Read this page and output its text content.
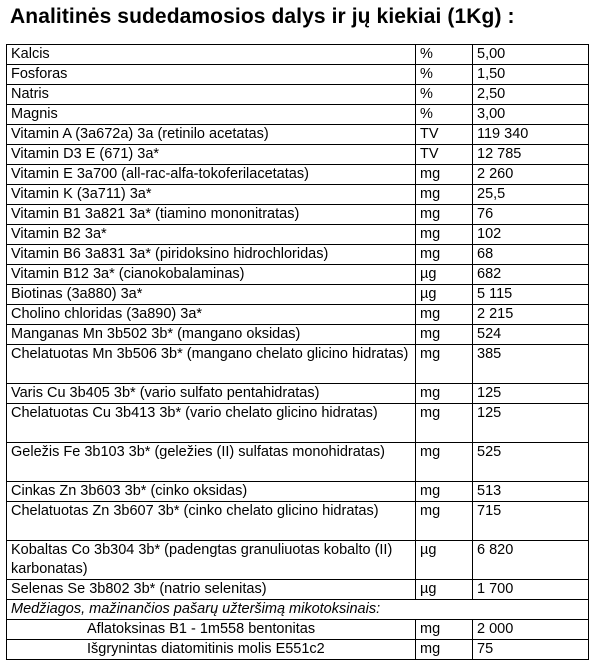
Analitinės sudedamosios dalys ir jų kiekiai (1Kg) :
Kalcis	%	5,00
Fosforas	%	1,50
Natris	%	2,50
Magnis	%	3,00
Vitamin A (3a672a) 3a (retinilo acetatas)	TV	119 340
Vitamin D3 E (671) 3a*	TV	12 785
Vitamin E 3a700 (all-rac-alfa-tokoferilacetatas)	mg	2 260
Vitamin K (3a711) 3a*	mg	25,5
Vitamin B1 3a821 3a* (tiamino mononitratas)	mg	76
Vitamin B2 3a*	mg	102
Vitamin B6 3a831 3a* (piridoksino hidrochloridas)	mg	68
Vitamin B12 3a* (cianokobalaminas)	µg	682
Biotinas (3a880) 3a*	µg	5 115
Cholino chloridas (3a890) 3a*	mg	2 215
Manganas Mn 3b502 3b* (mangano oksidas)	mg	524
Chelatuotas Mn 3b506 3b* (mangano chelato glicino hidratas)	mg	385
Varis Cu 3b405 3b* (vario sulfato pentahidratas)	mg	125
Chelatuotas Cu 3b413 3b* (vario chelato glicino hidratas)	mg	125
Geležis Fe 3b103 3b* (geležies (II) sulfatas monohidratas)	mg	525
Cinkas Zn 3b603 3b* (cinko oksidas)	mg	513
Chelatuotas Zn 3b607 3b* (cinko chelato glicino hidratas)	mg	715
Kobaltas Co 3b304 3b* (padengtas granuliuotas kobalto (II) karbonatas)	µg	6 820
Selenas Se 3b802 3b* (natrio selenitas)	µg	1 700
Medžiagos, mažinančios pašarų užteršimą mikotoksinais:		
Aflatoksinas B1 - 1m558 bentonitas	mg	2 000
Išgrynintas diatomitinis molis E551c2	mg	75
